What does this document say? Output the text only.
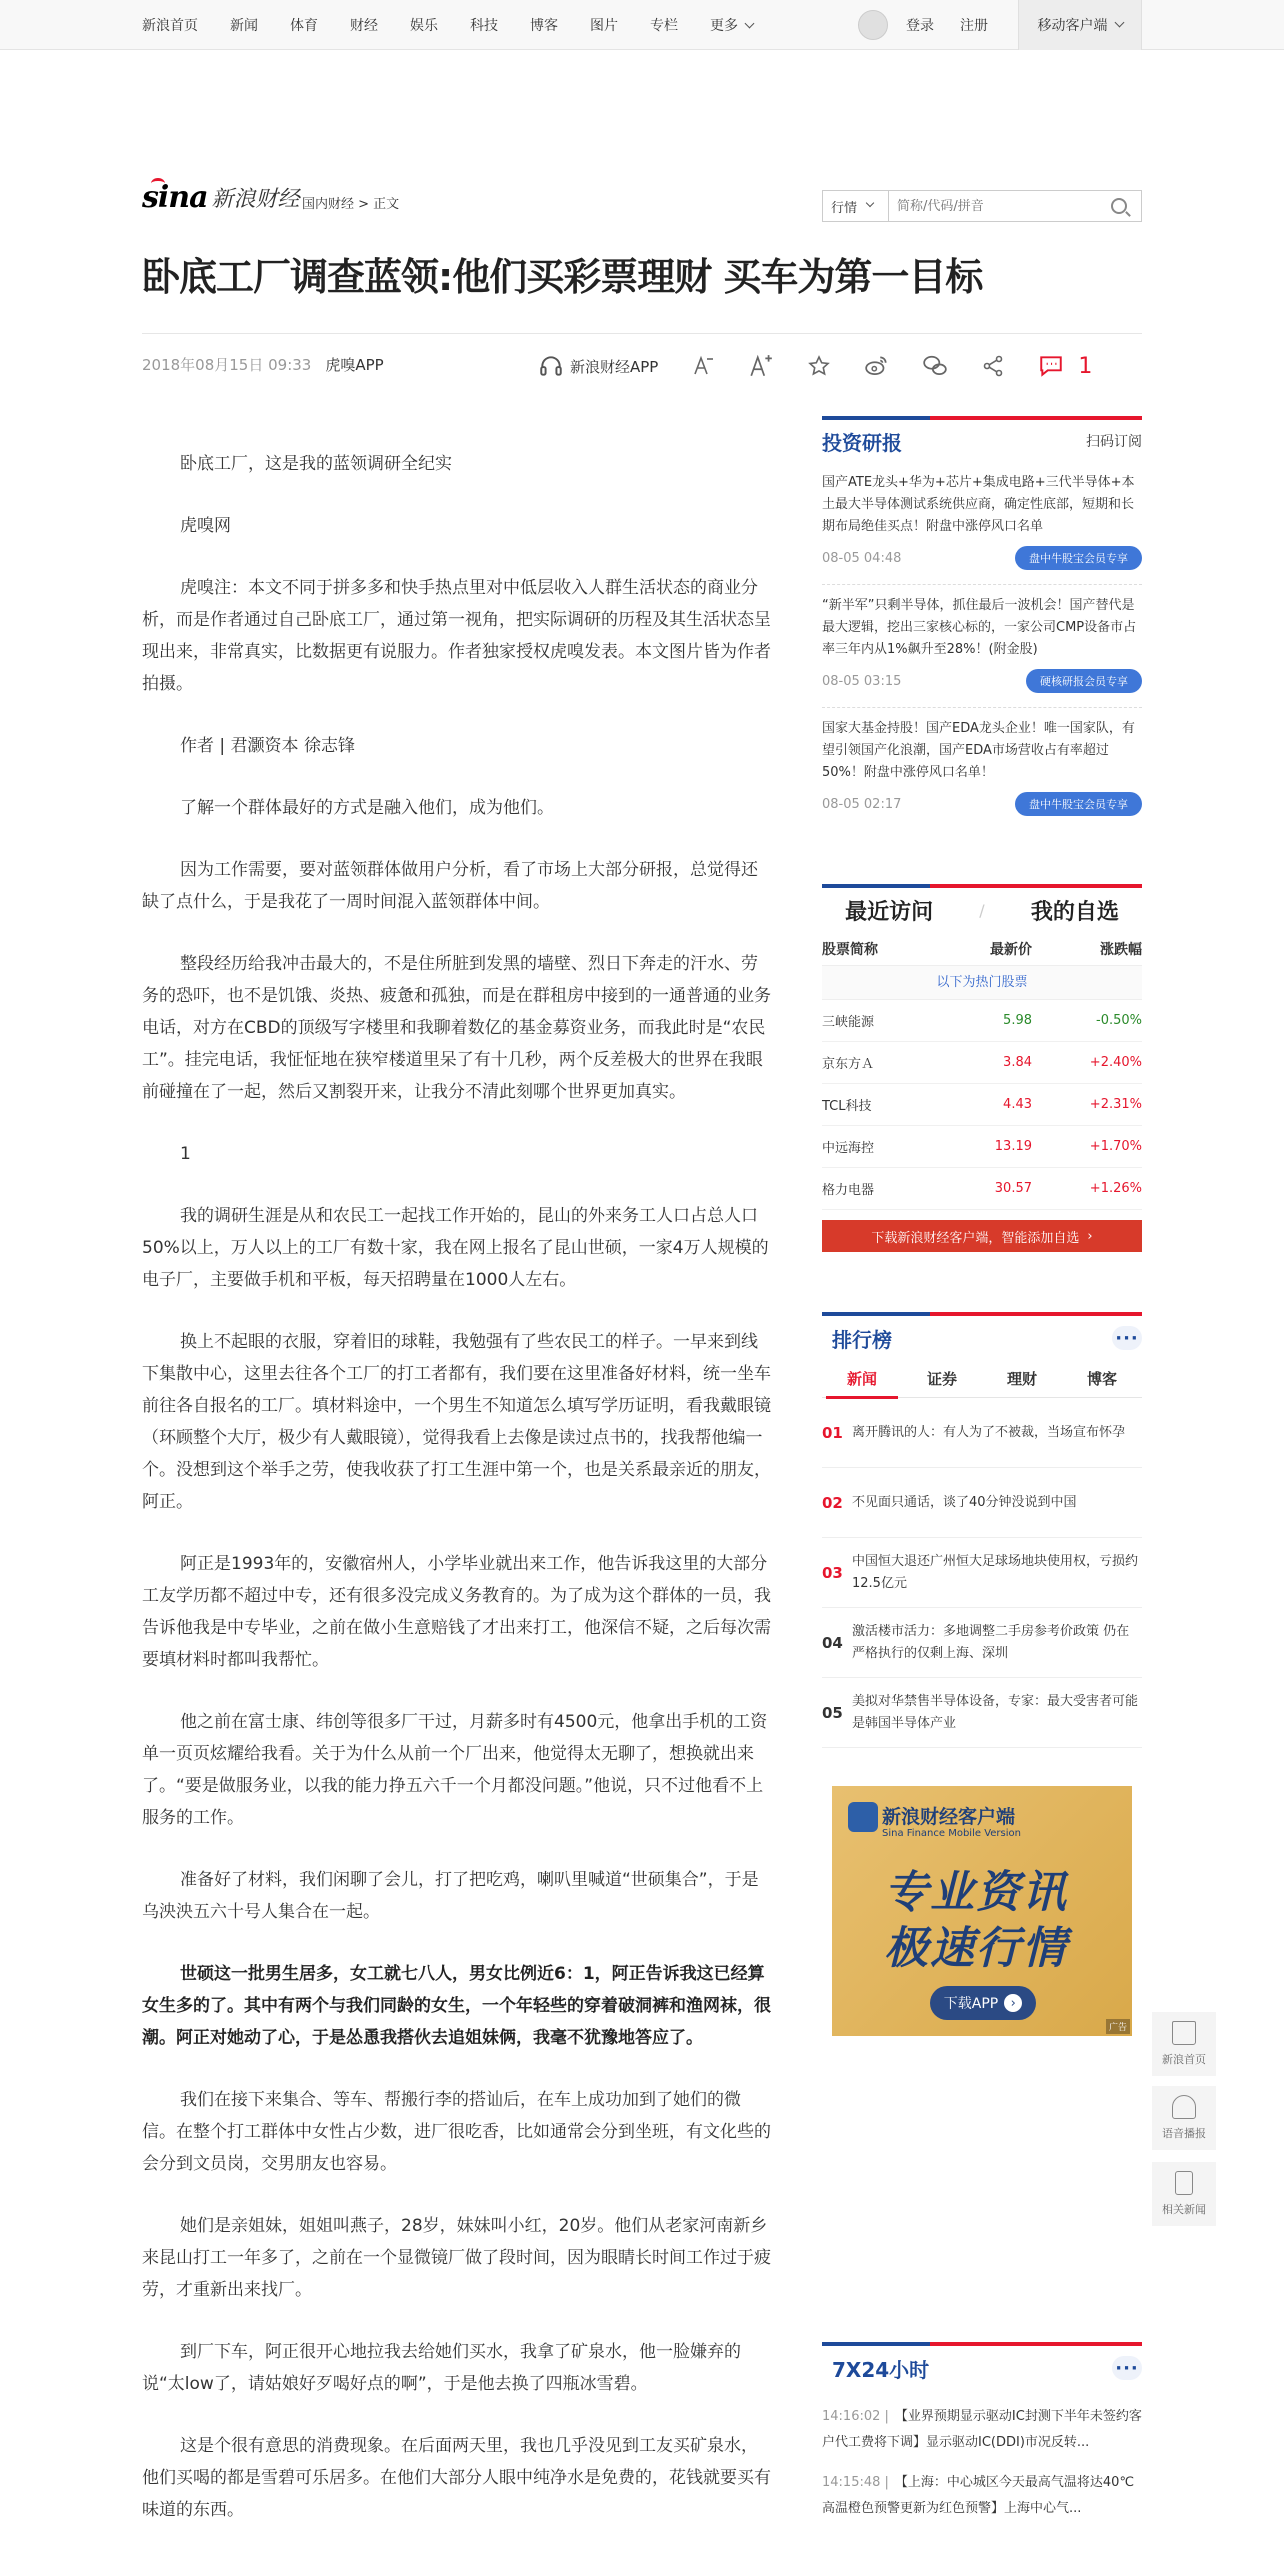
新浪首页 新闻 体育 财经 娱乐 科技 博客 图片 专栏 更多	登录 注册	移动客户端
sina 新浪财经 国内财经 > 正文	行情
简称/代码/拼音
卧底工厂调查蓝领:他们买彩票理财 买车为第一目标
2018年08月15日 09:33 虎嗅APP	新浪财经APP	1

卧底工厂，这是我的蓝领调研全纪实

虎嗅网

虎嗅注：本文不同于拼多多和快手热点里对中低层收入人群生活状态的商业分析，而是作者通过自己卧底工厂，通过第一视角，把实际调研的历程及其生活状态呈现出来，非常真实，比数据更有说服力。作者独家授权虎嗅发表。本文图片皆为作者拍摄。

作者 | 君灏资本 徐志锋

了解一个群体最好的方式是融入他们，成为他们。

因为工作需要，要对蓝领群体做用户分析，看了市场上大部分研报，总觉得还缺了点什么，于是我花了一周时间混入蓝领群体中间。

整段经历给我冲击最大的，不是住所脏到发黑的墙壁、烈日下奔走的汗水、劳务的恐吓，也不是饥饿、炎热、疲惫和孤独，而是在群租房中接到的一通普通的业务电话，对方在CBD的顶级写字楼里和我聊着数亿的基金募资业务，而我此时是“农民工”。挂完电话，我怔怔地在狭窄楼道里呆了有十几秒，两个反差极大的世界在我眼前碰撞在了一起，然后又割裂开来，让我分不清此刻哪个世界更加真实。

1

我的调研生涯是从和农民工一起找工作开始的，昆山的外来务工人口占总人口50%以上，万人以上的工厂有数十家，我在网上报名了昆山世硕，一家4万人规模的电子厂，主要做手机和平板，每天招聘量在1000人左右。

换上不起眼的衣服，穿着旧的球鞋，我勉强有了些农民工的样子。一早来到线下集散中心，这里去往各个工厂的打工者都有，我们要在这里准备好材料，统一坐车前往各自报名的工厂。填材料途中，一个男生不知道怎么填写学历证明，看我戴眼镜（环顾整个大厅，极少有人戴眼镜），觉得我看上去像是读过点书的，找我帮他编一个。没想到这个举手之劳，使我收获了打工生涯中第一个，也是关系最亲近的朋友，阿正。

阿正是1993年的，安徽宿州人，小学毕业就出来工作，他告诉我这里的大部分工友学历都不超过中专，还有很多没完成义务教育的。为了成为这个群体的一员，我告诉他我是中专毕业，之前在做小生意赔钱了才出来打工，他深信不疑，之后每次需要填材料时都叫我帮忙。

他之前在富士康、纬创等很多厂干过，月薪多时有4500元，他拿出手机的工资单一页页炫耀给我看。关于为什么从前一个厂出来，他觉得太无聊了，想换就出来了。“要是做服务业，以我的能力挣五六千一个月都没问题。”他说，只不过他看不上服务的工作。

准备好了材料，我们闲聊了会儿，打了把吃鸡，喇叭里喊道“世硕集合”，于是乌泱泱五六十号人集合在一起。

世硕这一批男生居多，女工就七八人，男女比例近6：1，阿正告诉我这已经算女生多的了。其中有两个与我们同龄的女生，一个年轻些的穿着破洞裤和渔网袜，很潮。阿正对她动了心，于是怂恿我搭伙去追姐妹俩，我毫不犹豫地答应了。

我们在接下来集合、等车、帮搬行李的搭讪后，在车上成功加到了她们的微信。在整个打工群体中女性占少数，进厂很吃香，比如通常会分到坐班，有文化些的会分到文员岗，交男朋友也容易。

她们是亲姐妹，姐姐叫燕子，28岁，妹妹叫小红，20岁。他们从老家河南新乡来昆山打工一年多了，之前在一个显微镜厂做了段时间，因为眼睛长时间工作过于疲劳，才重新出来找厂。

到厂下车，阿正很开心地拉我去给她们买水，我拿了矿泉水，他一脸嫌弃的说“太low了，请姑娘好歹喝好点的啊”，于是他去换了四瓶冰雪碧。

这是个很有意思的消费现象。在后面两天里，我也几乎没见到工友买矿泉水，他们买喝的都是雪碧可乐居多。在他们大部分人眼中纯净水是免费的，花钱就要买有味道的东西。

投资研报	扫码订阅
国产ATE龙头+华为+芯片+集成电路+三代半导体+本土最大半导体测试系统供应商，确定性底部，短期和长期布局绝佳买点！附盘中涨停风口名单
08-05 04:48	盘中牛股宝会员专享
“新半军”只剩半导体，抓住最后一波机会！国产替代是最大逻辑，挖出三家核心标的，一家公司CMP设备市占率三年内从1%飙升至28%！(附金股)
08-05 03:15	硬核研报会员专享
国家大基金持股！国产EDA龙头企业！唯一国家队，有望引领国产化浪潮，国产EDA市场营收占有率超过50%！附盘中涨停风口名单！
08-05 02:17	盘中牛股宝会员专享
最近访问	/ 我的自选
股票简称	最新价	涨跌幅
以下为热门股票
三峡能源	5.98	-0.50%
京东方Ａ	3.84	+2.40%
TCL科技	4.43	+2.31%
中远海控	13.19	+1.70%
格力电器	30.57	+1.26%
下载新浪财经客户端，智能添加自选 ›
排行榜	···
新闻	证券	理财	博客
01 离开腾讯的人：有人为了不被裁，当场宣布怀孕
02 不见面只通话，谈了40分钟没说到中国
03
中国恒大退还广州恒大足球场地块使用权，亏损约12.5亿元
04
激活楼市活力：多地调整二手房参考价政策 仍在严格执行的仅剩上海、深圳
05
美拟对华禁售半导体设备，专家：最大受害者可能是韩国半导体产业
新浪财经客户端
Sina Finance Mobile Version
专业资讯
极速行情
下载APP ›
广告
新浪首页
语音播报
相关新闻
7X24小时	···
14:16:02 | 【业界预期显示驱动IC封测下半年未签约客户代工费将下调】显示驱动IC(DDI)市况反转...
14:15:48 | 【上海：中心城区今天最高气温将达40℃ 高温橙色预警更新为红色预警】上海中心气...
